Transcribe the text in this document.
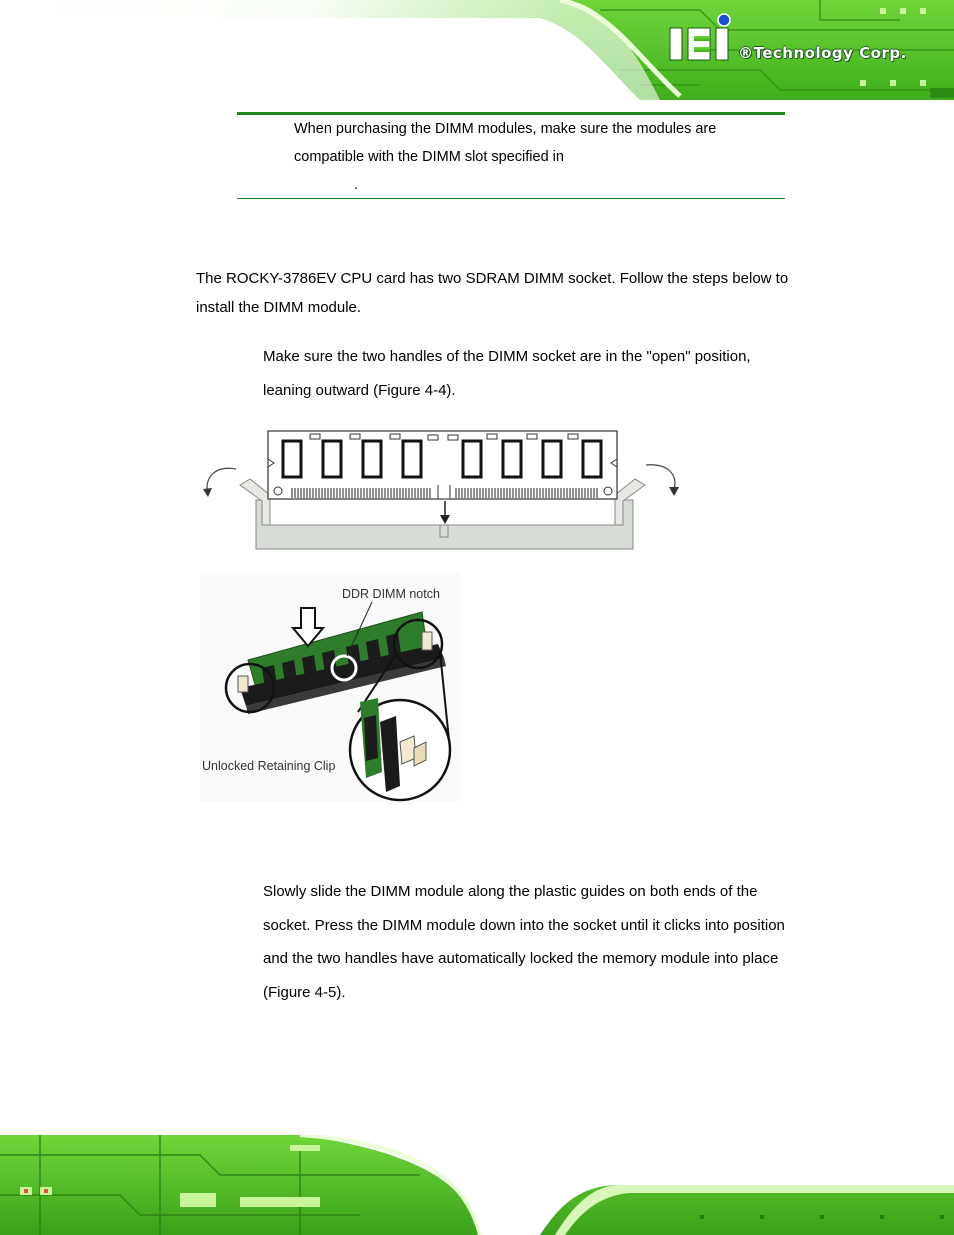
®Technology Corp.
When purchasing the DIMM modules, make sure the modules are
compatible with the DIMM slot specified in
.
The ROCKY-3786EV CPU card has two SDRAM DIMM socket. Follow the steps below to
install the DIMM module.
Make sure the two handles of the DIMM socket are in the "open" position,
leaning outward (Figure 4-4).
DDR DIMM notch
Unlocked Retaining Clip
Slowly slide the DIMM module along the plastic guides on both ends of the
socket. Press the DIMM module down into the socket until it clicks into position
and the two handles have automatically locked the memory module into place
(Figure 4-5).
